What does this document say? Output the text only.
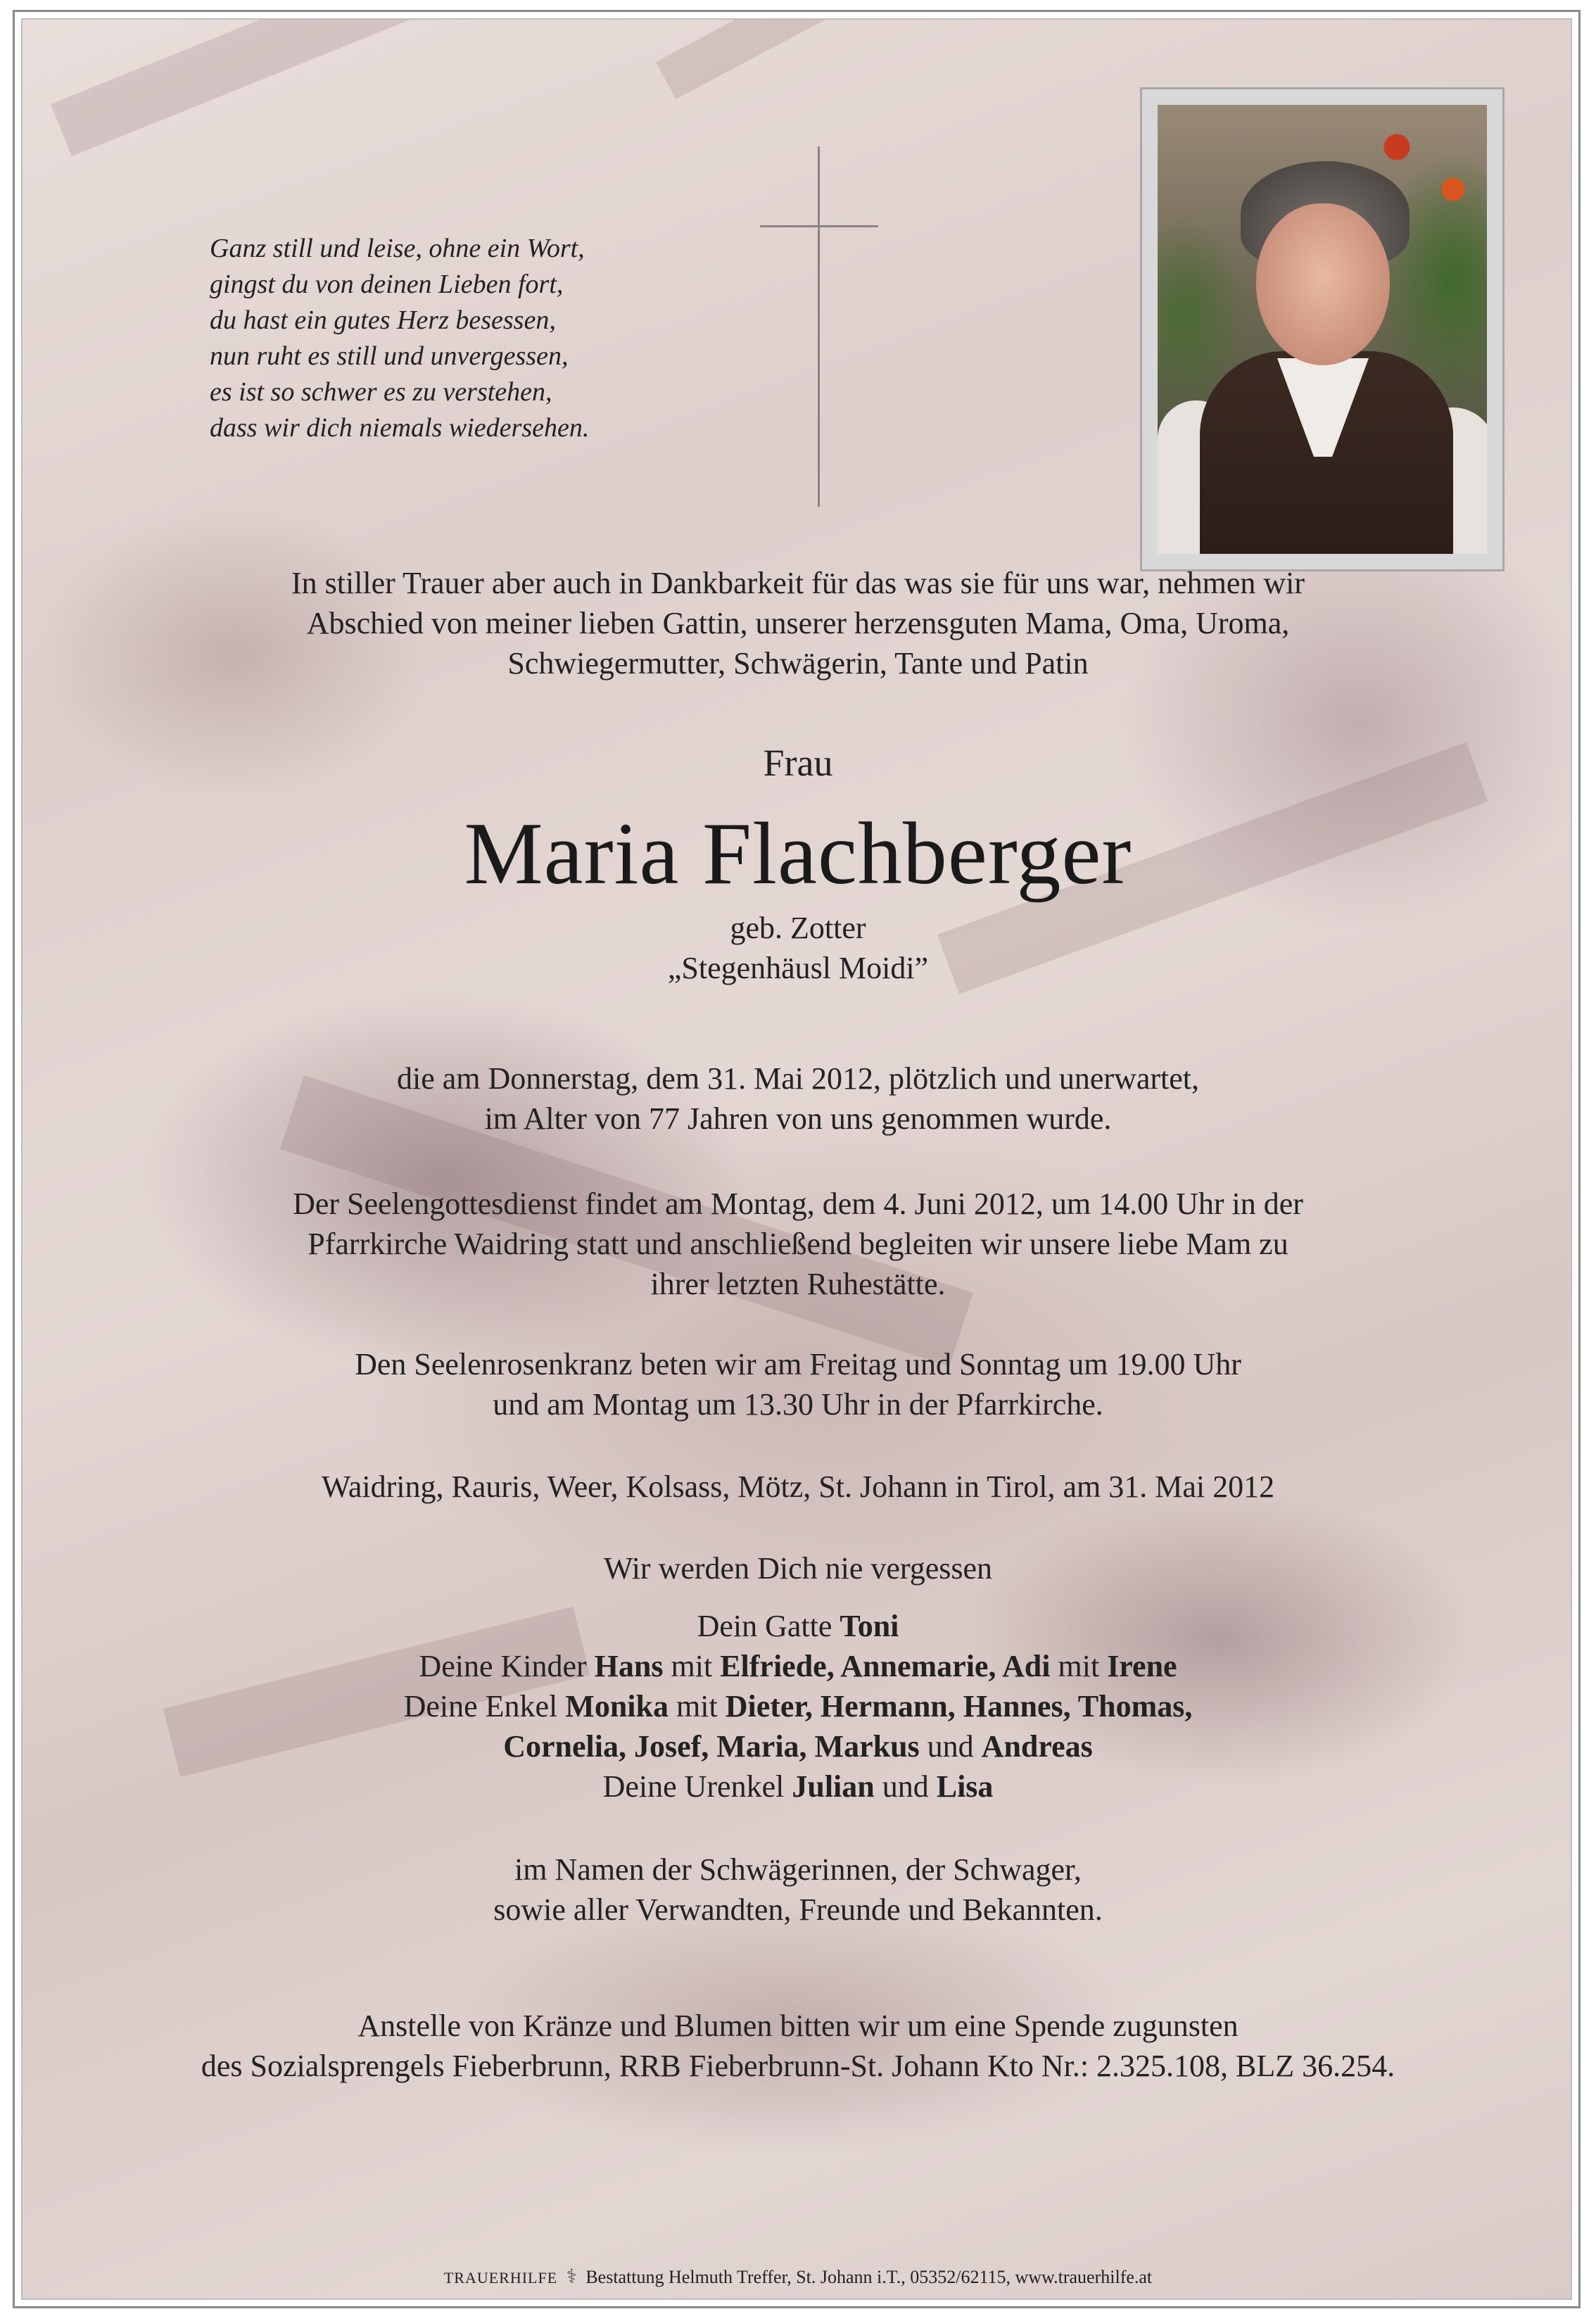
Ganz still und leise, ohne ein Wort,
gingst du von deinen Lieben fort,
du hast ein gutes Herz besessen,
nun ruht es still und unvergessen,
es ist so schwer es zu verstehen,
dass wir dich niemals wiedersehen.
In stiller Trauer aber auch in Dankbarkeit für das was sie für uns war, nehmen wir
Abschied von meiner lieben Gattin, unserer herzensguten Mama, Oma, Uroma,
Schwiegermutter, Schwägerin, Tante und Patin
Frau
Maria Flachberger
geb. Zotter
„Stegenhäusl Moidi”
die am Donnerstag, dem 31. Mai 2012, plötzlich und unerwartet,
im Alter von 77 Jahren von uns genommen wurde.
Der Seelengottesdienst findet am Montag, dem 4. Juni 2012, um 14.00 Uhr in der
Pfarrkirche Waidring statt und anschließend begleiten wir unsere liebe Mam zu
ihrer letzten Ruhestätte.
Den Seelenrosenkranz beten wir am Freitag und Sonntag um 19.00 Uhr
und am Montag um 13.30 Uhr in der Pfarrkirche.
Waidring, Rauris, Weer, Kolsass, Mötz, St. Johann in Tirol, am 31. Mai 2012
Wir werden Dich nie vergessen
Dein Gatte Toni
Deine Kinder Hans mit Elfriede, Annemarie, Adi mit Irene
Deine Enkel Monika mit Dieter, Hermann, Hannes, Thomas,
Cornelia, Josef, Maria, Markus und Andreas
Deine Urenkel Julian und Lisa
im Namen der Schwägerinnen, der Schwager,
sowie aller Verwandten, Freunde und Bekannten.
Anstelle von Kränze und Blumen bitten wir um eine Spende zugunsten
des Sozialsprengels Fieberbrunn, RRB Fieberbrunn-St. Johann Kto Nr.: 2.325.108, BLZ 36.254.
TRAUERHILFE ⚕ Bestattung Helmuth Treffer, St. Johann i.T., 05352/62115, www.trauerhilfe.at
